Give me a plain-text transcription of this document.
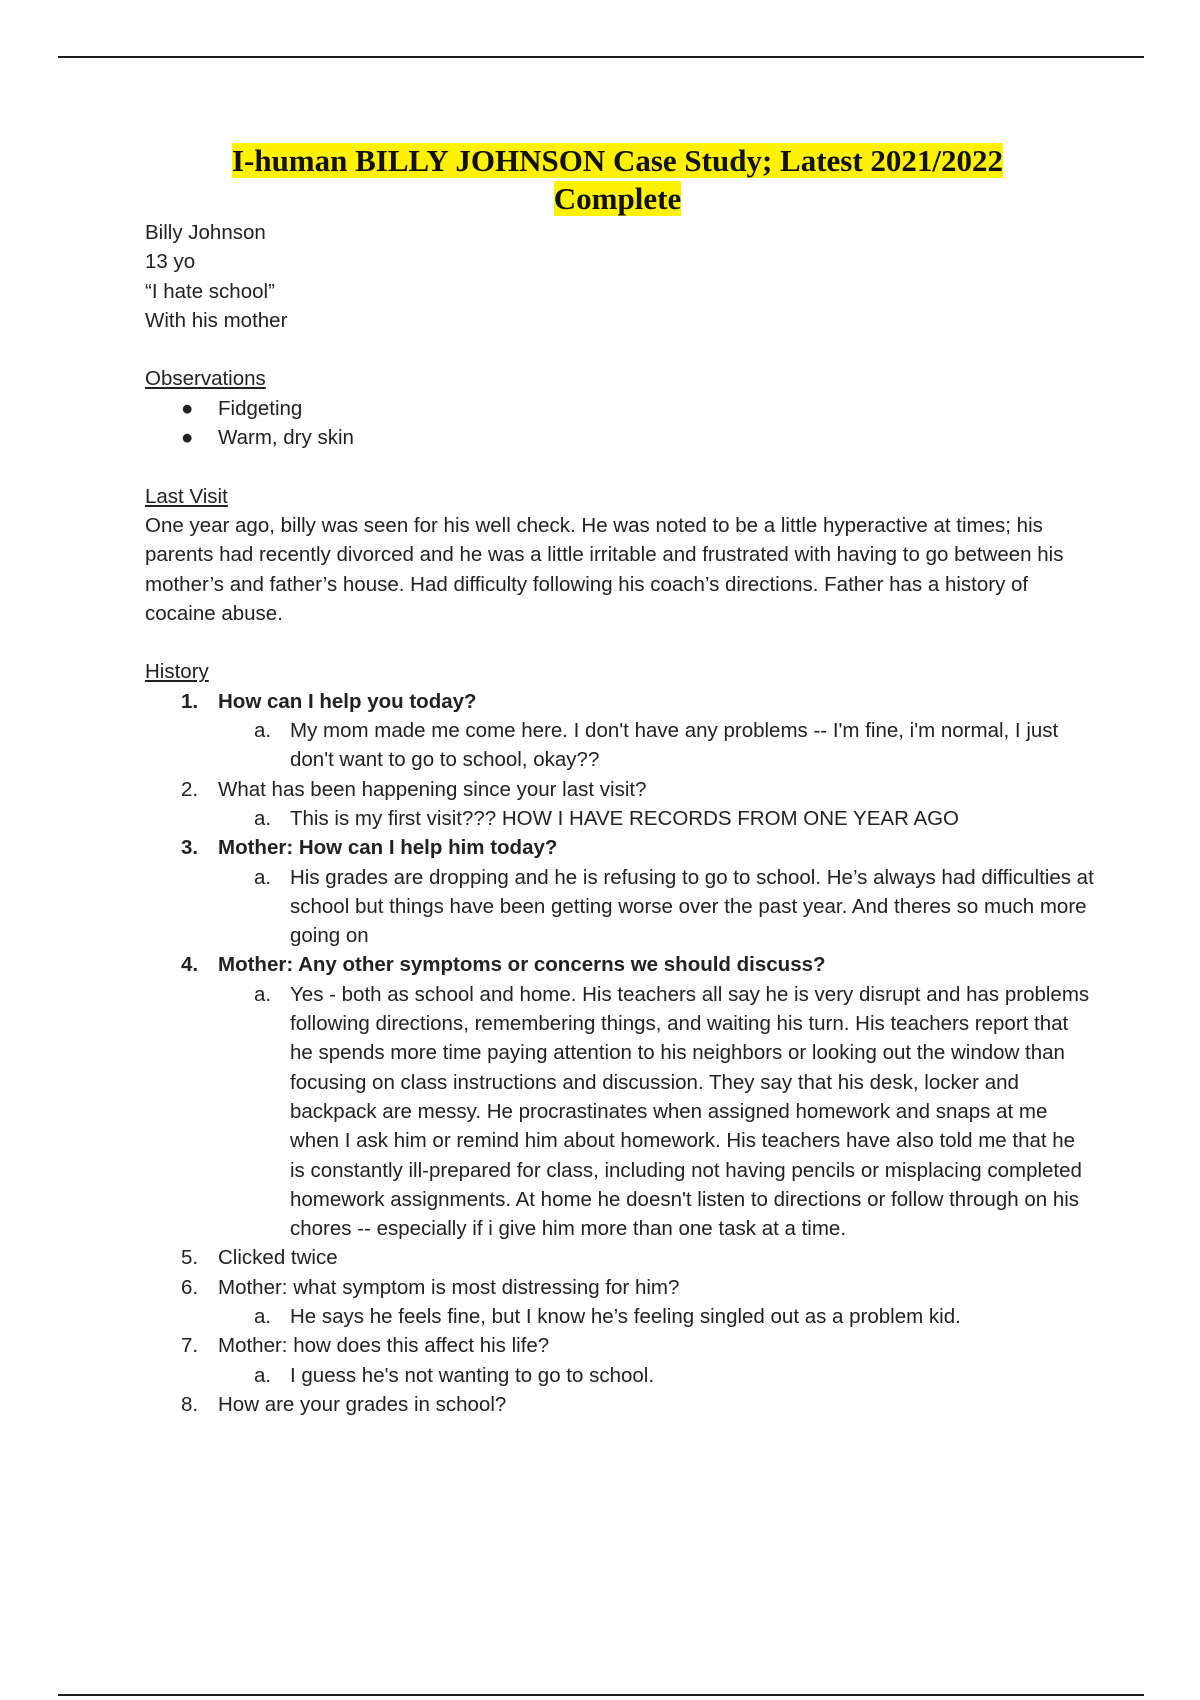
I-human BILLY JOHNSON Case Study; Latest 2021/2022
Complete
Billy Johnson
13 yo
“I hate school”
With his mother
Observations
● Fidgeting
● Warm, dry skin
Last Visit

One year ago, billy was seen for his well check. He was noted to be a little hyperactive at times; his parents had recently divorced and he was a little irritable and frustrated with having to go between his mother’s and father’s house. Had difficulty following his coach’s directions. Father has a history of cocaine abuse.

History
1. How can I help you today?
a. My mom made me come here. I don't have any problems -- I'm fine, i'm normal, I just don't want to go to school, okay??
2. What has been happening since your last visit?
a. This is my first visit??? HOW I HAVE RECORDS FROM ONE YEAR AGO
3. Mother: How can I help him today?
a. His grades are dropping and he is refusing to go to school. He’s always had difficulties at school but things have been getting worse over the past year. And theres so much more going on
4. Mother: Any other symptoms or concerns we should discuss?
a. Yes - both as school and home. His teachers all say he is very disrupt and has problems following directions, remembering things, and waiting his turn. His teachers report that he spends more time paying attention to his neighbors or looking out the window than focusing on class instructions and discussion. They say that his desk, locker and backpack are messy. He procrastinates when assigned homework and snaps at me when I ask him or remind him about homework. His teachers have also told me that he is constantly ill-prepared for class, including not having pencils or misplacing completed homework assignments. At home he doesn't listen to directions or follow through on his chores -- especially if i give him more than one task at a time.
5. Clicked twice
6. Mother: what symptom is most distressing for him?
a. He says he feels fine, but I know he’s feeling singled out as a problem kid.
7. Mother: how does this affect his life?
a. I guess he's not wanting to go to school.
8. How are your grades in school?
